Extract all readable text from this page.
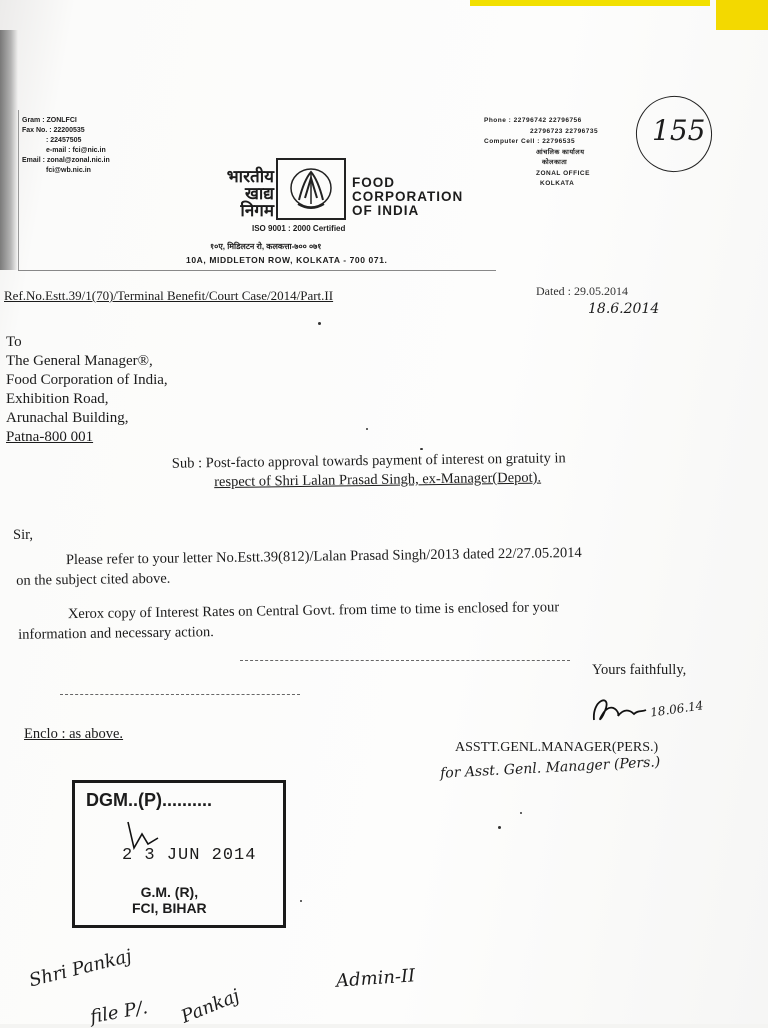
Gram : ZONLFCI
Fax No. : 22200535
: 22457505
e-mail : fci@nic.in
Email : zonal@zonal.nic.in
fci@wb.nic.in
Phone : 22796742 22796756
22796723 22796735
Computer Cell : 22796535
आंचलिक कार्यालय
कोलकाता
ZONAL OFFICE
KOLKATA
भारतीय
खाद्य
निगम
FOOD
CORPORATION
OF INDIA
ISO 9001 : 2000 Certified
१०ए, मिडिलटन रो, कलकत्ता-७०० ०७१
10A, MIDDLETON ROW, KOLKATA - 700 071.
155
Ref.No.Estt.39/1(70)/Terminal Benefit/Court Case/2014/Part.II	Dated : 29.05.2014
18.6.2014
To
The General Manager®,
Food Corporation of India,
Exhibition Road,
Arunachal Building,
Patna-800 001
Sub : Post-facto approval towards payment of interest on gratuity in
respect of Shri Lalan Prasad Singh, ex-Manager(Depot).
Sir,
Please refer to your letter No.Estt.39(812)/Lalan Prasad Singh/2013 dated 22/27.05.2014
on the subject cited above.
Xerox copy of Interest Rates on Central Govt. from time to time is enclosed for your
information and necessary action.
Yours faithfully,
18.06.14
Enclo : as above.
ASSTT.GENL.MANAGER(PERS.)
for Asst. Genl. Manager (Pers.)
DGM..(P)..........
2 3 JUN 2014
G.M. (R),
FCI, BIHAR
Shri Pankaj	Admin-II
file P/. Pankaj
